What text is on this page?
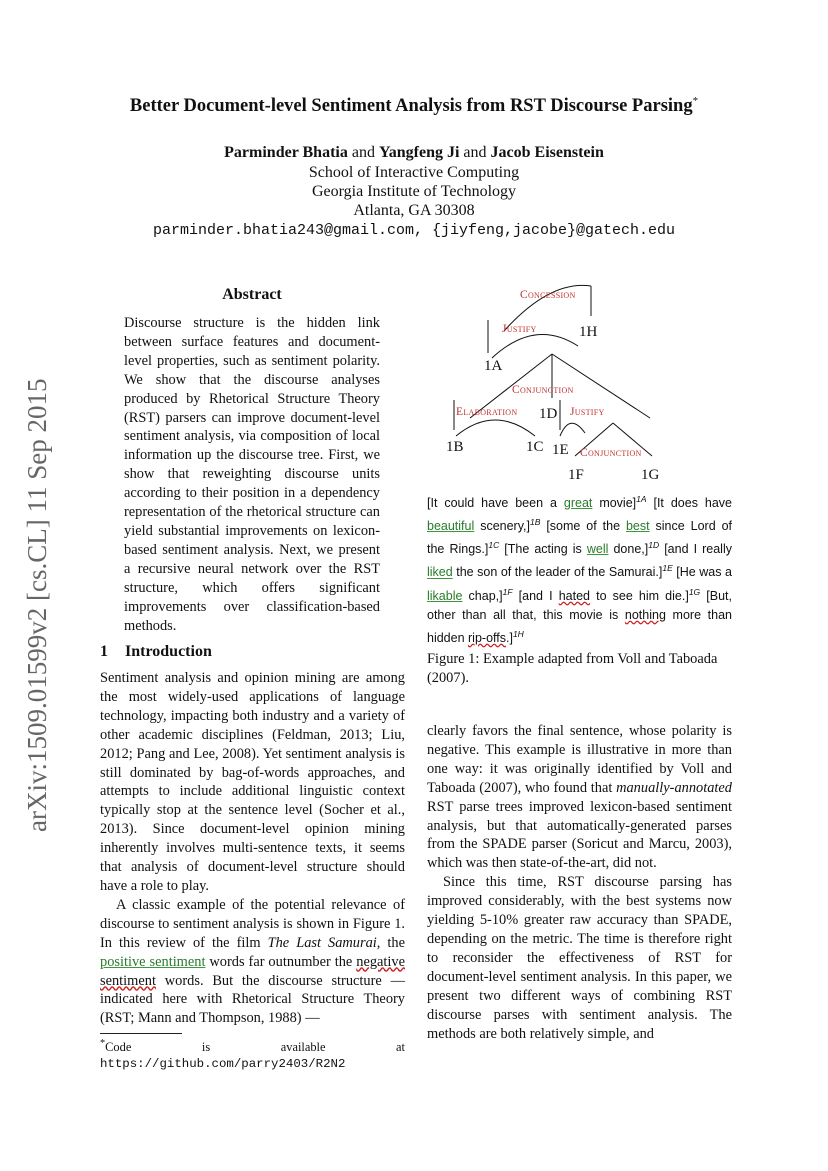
Better Document-level Sentiment Analysis from RST Discourse Parsing*
Parminder Bhatia and Yangfeng Ji and Jacob Eisenstein
School of Interactive Computing
Georgia Institute of Technology
Atlanta, GA 30308
parminder.bhatia243@gmail.com, {jiyfeng,jacobe}@gatech.edu
arXiv:1509.01599v2 [cs.CL] 11 Sep 2015
Abstract
Discourse structure is the hidden link between surface features and document-level properties, such as sentiment polarity. We show that the discourse analyses produced by Rhetorical Structure Theory (RST) parsers can improve document-level sentiment analysis, via composition of local information up the discourse tree. First, we show that reweighting discourse units according to their position in a dependency representation of the rhetorical structure can yield substantial improvements on lexicon-based sentiment analysis. Next, we present a recursive neural network over the RST structure, which offers significant improvements over classification-based methods.
1 Introduction

Sentiment analysis and opinion mining are among the most widely-used applications of language technology, impacting both industry and a variety of other academic disciplines (Feldman, 2013; Liu, 2012; Pang and Lee, 2008). Yet sentiment analysis is still dominated by bag-of-words approaches, and attempts to include additional linguistic context typically stop at the sentence level (Socher et al., 2013). Since document-level opinion mining inherently involves multi-sentence texts, it seems that analysis of document-level structure should have a role to play.

A classic example of the potential relevance of discourse to sentiment analysis is shown in Figure 1. In this review of the film The Last Samurai, the positive sentiment words far outnumber the negative sentiment words. But the discourse structure — indicated here with Rhetorical Structure Theory (RST; Mann and Thompson, 1988) —

*Code is available at https://github.com/parry2403/R2N2
Concession
Justify
Conjunction
Elaboration	Justify
Conjunction
1A
1B	1C
1D
1E
1F	1G
1H
[It could have been a great movie]$^{1A}$ [It does have beautiful scenery,]$^{1B}$ [some of the best since Lord of the Rings.]$^{1C}$ [The acting is well done,]$^{1D}$ [and I really liked the son of the leader of the Samurai.]$^{1E}$ [He was a likable chap,]$^{1F}$ [and I hated to see him die.]$^{1G}$ [But, other than all that, this movie is nothing more than hidden rip-offs.]$^{1H}$
Figure 1: Example adapted from Voll and Taboada (2007).

clearly favors the final sentence, whose polarity is negative. This example is illustrative in more than one way: it was originally identified by Voll and Taboada (2007), who found that manually-annotated RST parse trees improved lexicon-based sentiment analysis, but that automatically-generated parses from the SPADE parser (Soricut and Marcu, 2003), which was then state-of-the-art, did not.

Since this time, RST discourse parsing has improved considerably, with the best systems now yielding 5-10% greater raw accuracy than SPADE, depending on the metric. The time is therefore right to reconsider the effectiveness of RST for document-level sentiment analysis. In this paper, we present two different ways of combining RST discourse parses with sentiment analysis. The methods are both relatively simple, and
